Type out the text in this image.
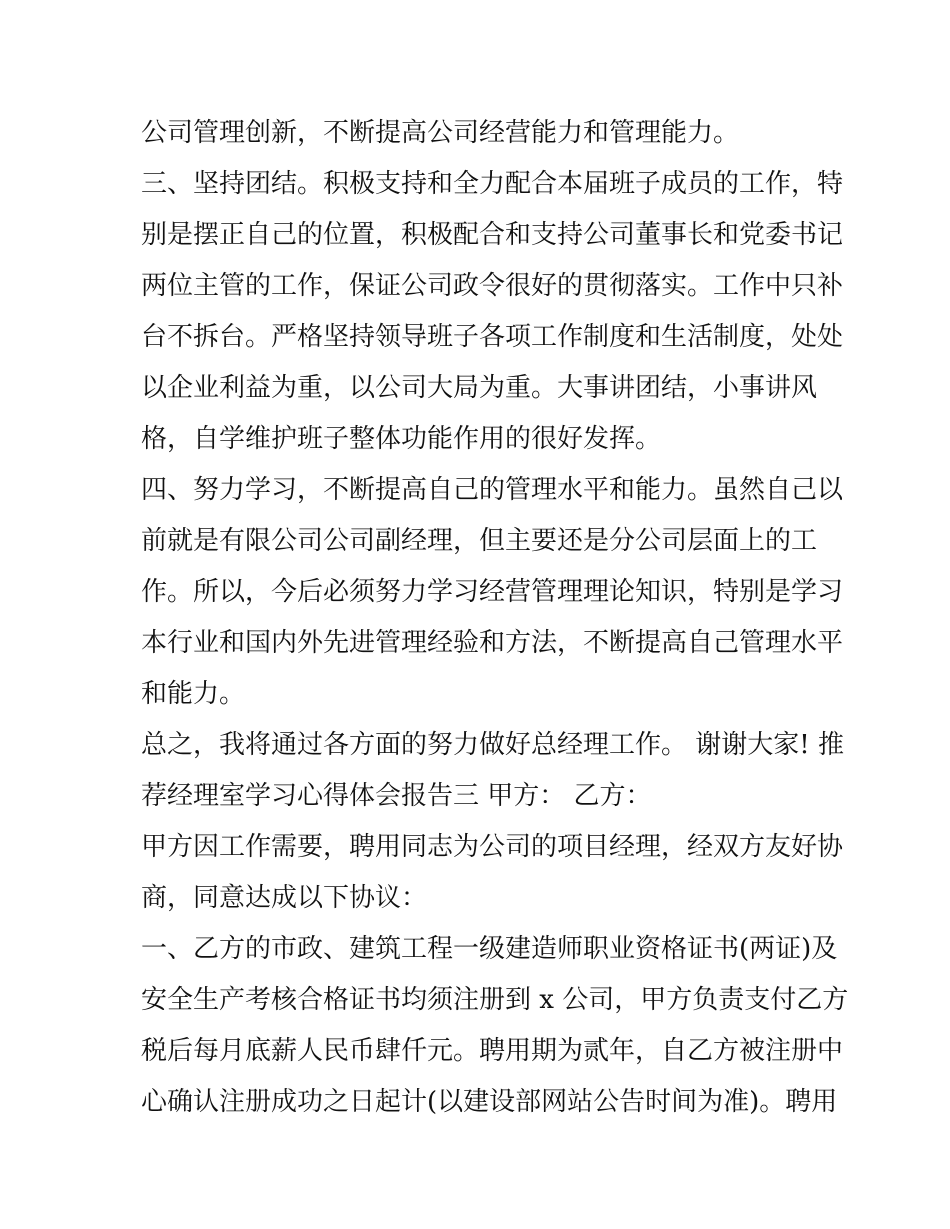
公司管理创新，不断提高公司经营能力和管理能力。
三、坚持团结。积极支持和全力配合本届班子成员的工作，特
别是摆正自己的位置，积极配合和支持公司董事长和党委书记
两位主管的工作，保证公司政令很好的贯彻落实。工作中只补
台不拆台。严格坚持领导班子各项工作制度和生活制度，处处
以企业利益为重，以公司大局为重。大事讲团结，小事讲风
格，自学维护班子整体功能作用的很好发挥。
四、努力学习，不断提高自己的管理水平和能力。虽然自己以
前就是有限公司公司副经理，但主要还是分公司层面上的工
作。所以，今后必须努力学习经营管理理论知识，特别是学习
本行业和国内外先进管理经验和方法，不断提高自己管理水平
和能力。
总之，我将通过各方面的努力做好总经理工作。 谢谢大家! 推
荐经理室学习心得体会报告三 甲方： 乙方：
甲方因工作需要，聘用同志为公司的项目经理，经双方友好协
商，同意达成以下协议：
一、乙方的市政、建筑工程一级建造师职业资格证书(两证)及
安全生产考核合格证书均须注册到 x 公司，甲方负责支付乙方
税后每月底薪人民币肆仟元。聘用期为贰年，自乙方被注册中
心确认注册成功之日起计(以建设部网站公告时间为准)。聘用
